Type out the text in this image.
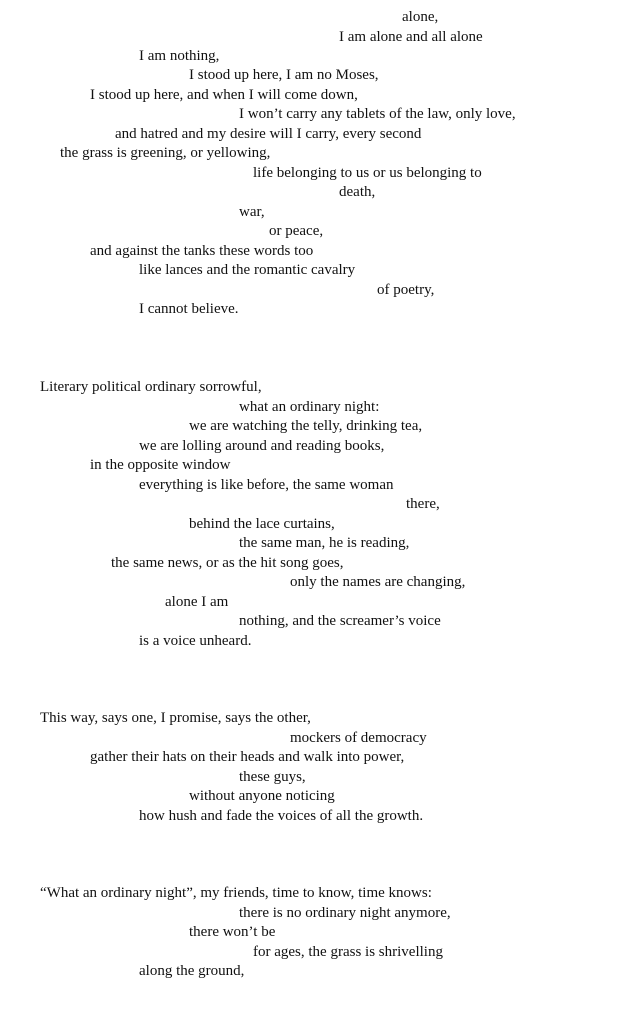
alone,

I am alone and all alone

I am nothing,

I stood up here, I am no Moses,

I stood up here, and when I will come down,

I won’t carry any tablets of the law, only love,

and hatred and my desire will I carry, every second

the grass is greening, or yellowing,

life belonging to us or us belonging to

death,

war,

or peace,

and against the tanks these words too

like lances and the romantic cavalry

of poetry,

I cannot believe.

Literary political ordinary sorrowful,

what an ordinary night:

we are watching the telly, drinking tea,

we are lolling around and reading books,

in the opposite window

everything is like before, the same woman

there,

behind the lace curtains,

the same man, he is reading,

the same news, or as the hit song goes,

only the names are changing,

alone I am

nothing, and the screamer’s voice

is a voice unheard.

This way, says one, I promise, says the other,

mockers of democracy

gather their hats on their heads and walk into power,

these guys,

without anyone noticing

how hush and fade the voices of all the growth.

“What an ordinary night”, my friends, time to know, time knows:

there is no ordinary night anymore,

there won’t be

for ages, the grass is shrivelling

along the ground,
